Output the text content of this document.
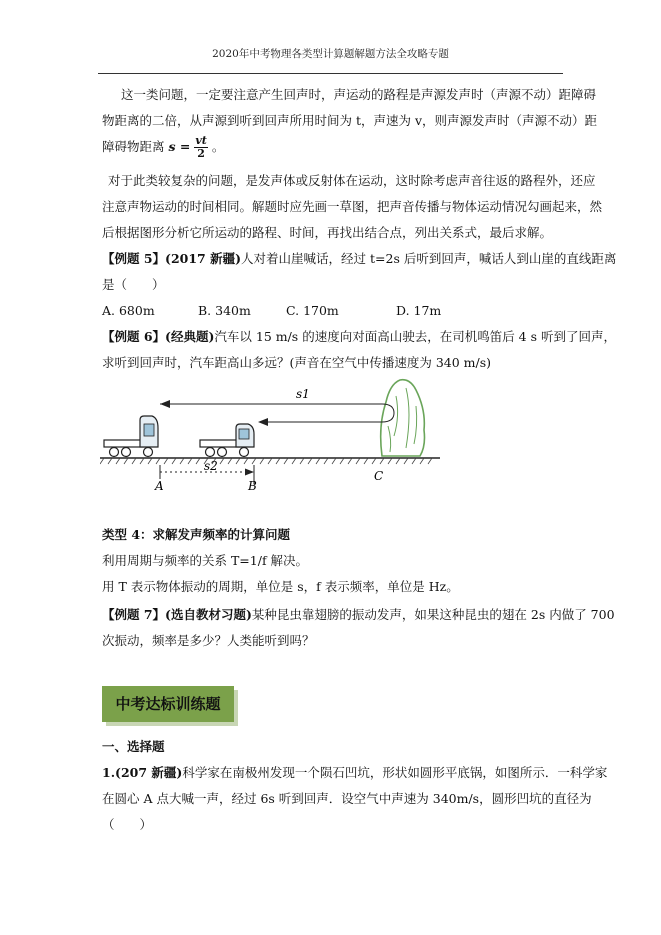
2020年中考物理各类型计算题解题方法全攻略专题
这一类问题，一定要注意产生回声时，声运动的路程是声源发声时（声源不动）距障碍
物距离的二倍，从声源到听到回声所用时间为 t，声速为 v，则声源发声时（声源不动）距
障碍物距离 $s = \frac{vt}{2}$ 。
对于此类较复杂的问题，是发声体或反射体在运动，这时除考虑声音往返的路程外，还应
注意声物运动的时间相同。解题时应先画一草图，把声音传播与物体运动情况勾画起来，然
后根据图形分析它所运动的路程、时间，再找出结合点，列出关系式，最后求解。
【例题 5】(2017 新疆)人对着山崖喊话，经过 t=2s 后听到回声，喊话人到山崖的直线距离
是（　　）
A. 680m	B. 340m	C. 170m	D. 17m
【例题 6】(经典题)汽车以 15 m/s 的速度向对面高山驶去，在司机鸣笛后 4 s 听到了回声，
求听到回声时，汽车距高山多远？(声音在空气中传播速度为 340 m/s)
s1
s2
A	B
C
类型 4：求解发声频率的计算问题
利用周期与频率的关系 T=1/f 解决。
用 T 表示物体振动的周期，单位是 s，f 表示频率，单位是 Hz。
【例题 7】(选自教材习题)某种昆虫靠翅膀的振动发声，如果这种昆虫的翅在 2s 内做了 700
次振动，频率是多少？人类能听到吗？
中考达标训练题
一、选择题
1.(207 新疆)科学家在南极州发现一个陨石凹坑，形状如圆形平底锅，如图所示．一科学家
在圆心 A 点大喊一声，经过 6s 听到回声．设空气中声速为 340m/s，圆形凹坑的直径为
（　　）
